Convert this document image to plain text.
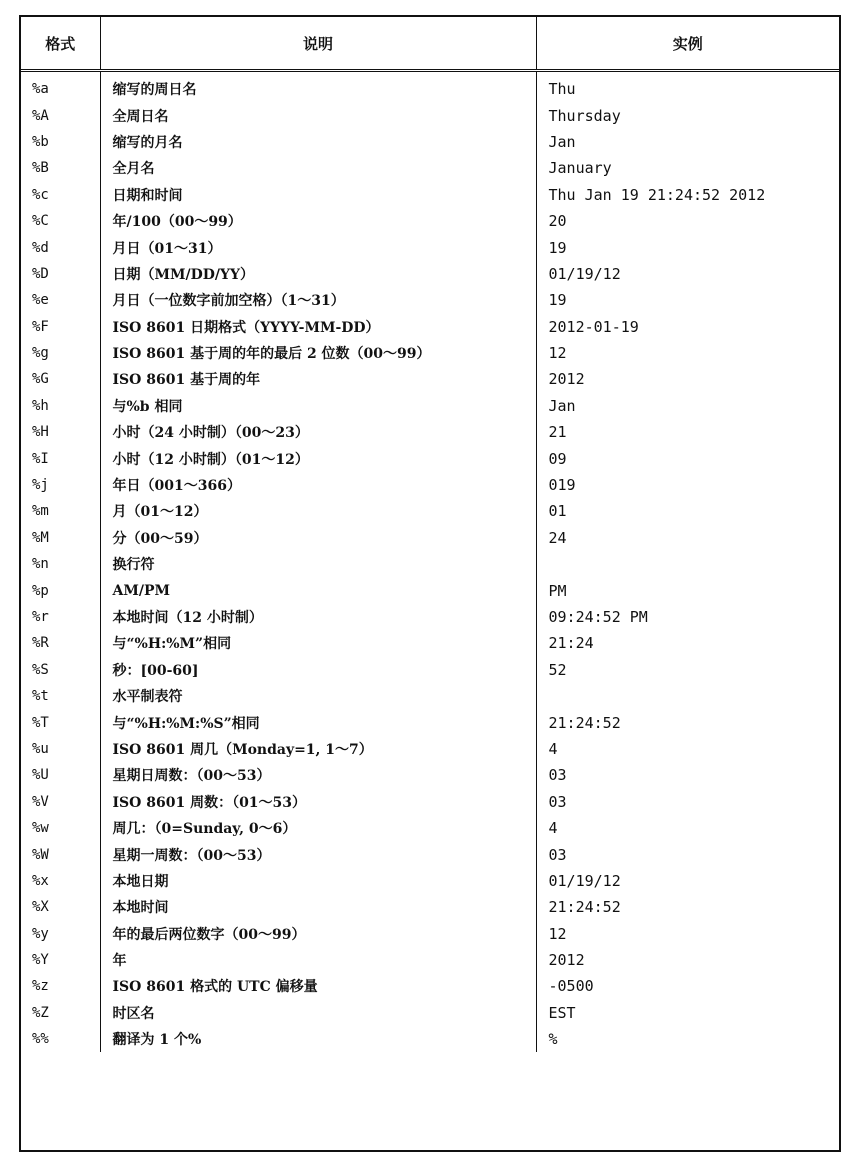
格式	说明	实例
%a	缩写的周日名	Thu
%A	全周日名	Thursday
%b	缩写的月名	Jan
%B	全月名	January
%c	日期和时间	Thu Jan 19 21:24:52 2012
%C	年/100（00～99）	20
%d	月日（01～31）	19
%D	日期（MM/DD/YY）	01/19/12
%e	月日（一位数字前加空格）（1～31）	19
%F	ISO 8601 日期格式（YYYY-MM-DD）	2012-01-19
%g	ISO 8601 基于周的年的最后 2 位数（00～99）	12
%G	ISO 8601 基于周的年	2012
%h	与%b 相同	Jan
%H	小时（24 小时制）（00～23）	21
%I	小时（12 小时制）（01～12）	09
%j	年日（001～366）	019
%m	月（01～12）	01
%M	分（00～59）	24
%n	换行符	
%p	AM/PM	PM
%r	本地时间（12 小时制）	09:24:52 PM
%R	与“%H:%M”相同	21:24
%S	秒：[00-60]	52
%t	水平制表符	
%T	与“%H:%M:%S”相同	21:24:52
%u	ISO 8601 周几（Monday=1, 1～7）	4
%U	星期日周数：（00～53）	03
%V	ISO 8601 周数：（01～53）	03
%w	周几：（0=Sunday, 0～6）	4
%W	星期一周数：（00～53）	03
%x	本地日期	01/19/12
%X	本地时间	21:24:52
%y	年的最后两位数字（00～99）	12
%Y	年	2012
%z	ISO 8601 格式的 UTC 偏移量	-0500
%Z	时区名	EST
%%	翻译为 1 个%	%
